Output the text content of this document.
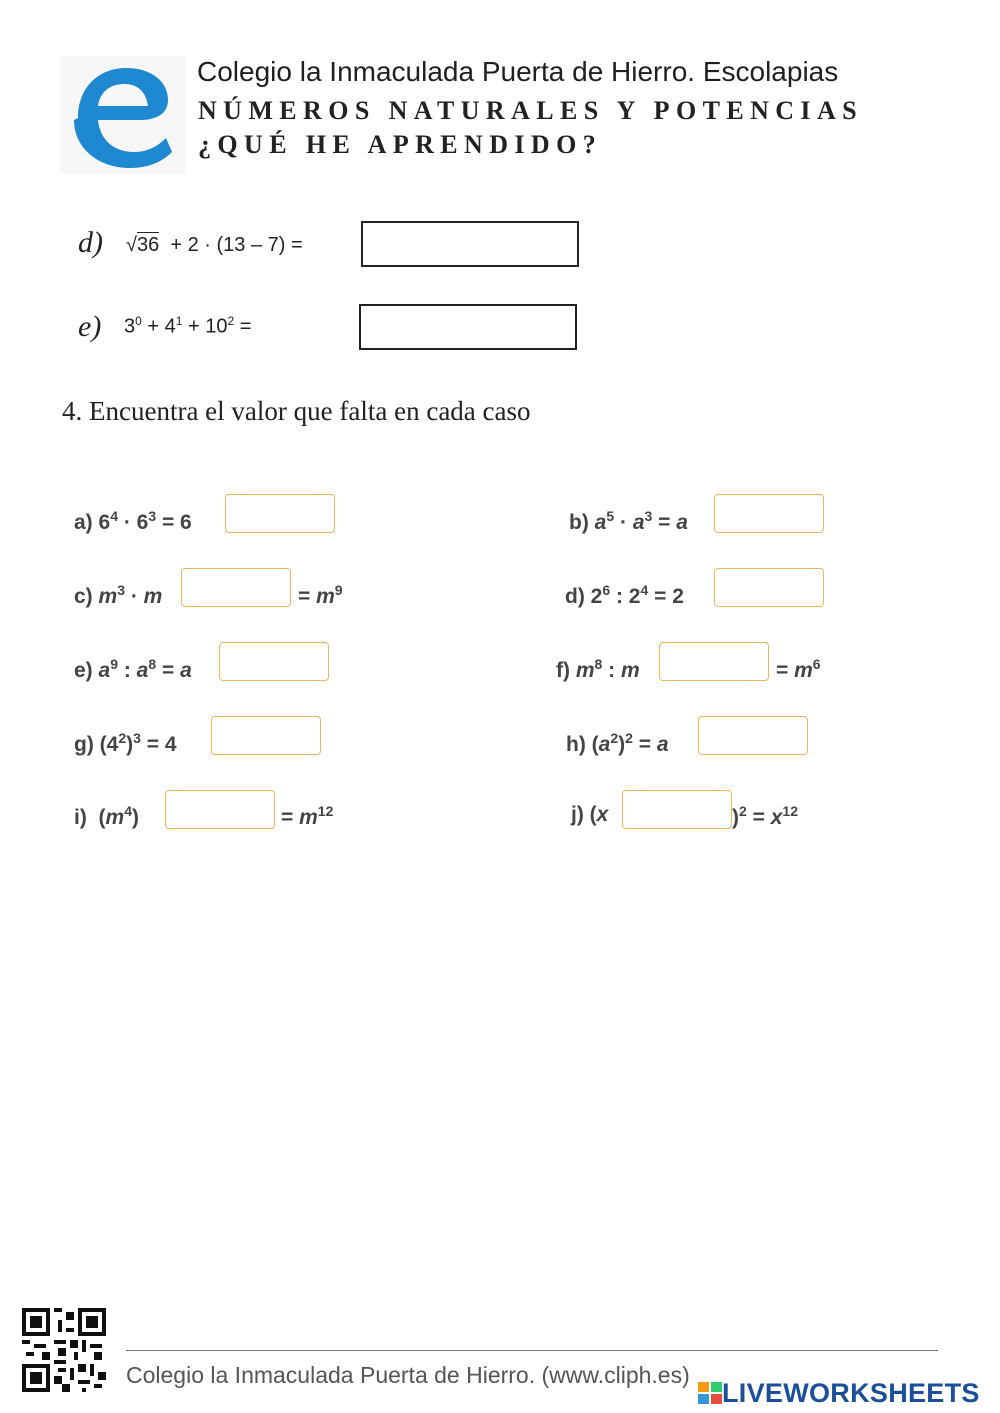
Colegio la Inmaculada Puerta de Hierro. Escolapias
NÚMEROS NATURALES Y POTENCIAS
¿QUÉ HE APRENDIDO?
d) √36 + 2 · (13 – 7) =
e) $3^0 + 4^1 + 10^2$ =
4. Encuentra el valor que falta en cada caso
a) $6^4 \cdot 6^3 = 6$	b) $a^5 \cdot a^3 = a$
c) $m^3 \cdot m$	= $m^9$	d) $2^6$ : $2^4 = 2$
e) $a^9$ : $a^8 = a$	f) $m^8$ : m	= $m^6$
g) $(4^2)^3 = 4$	h) $(a^2)^2 = a$
i)  $(m^4)$	= $m^{12}$	j) (x	)$^2 = x^{12}$
Colegio la Inmaculada Puerta de Hierro. (www.cliph.es)
LIVEWORKSHEETS
